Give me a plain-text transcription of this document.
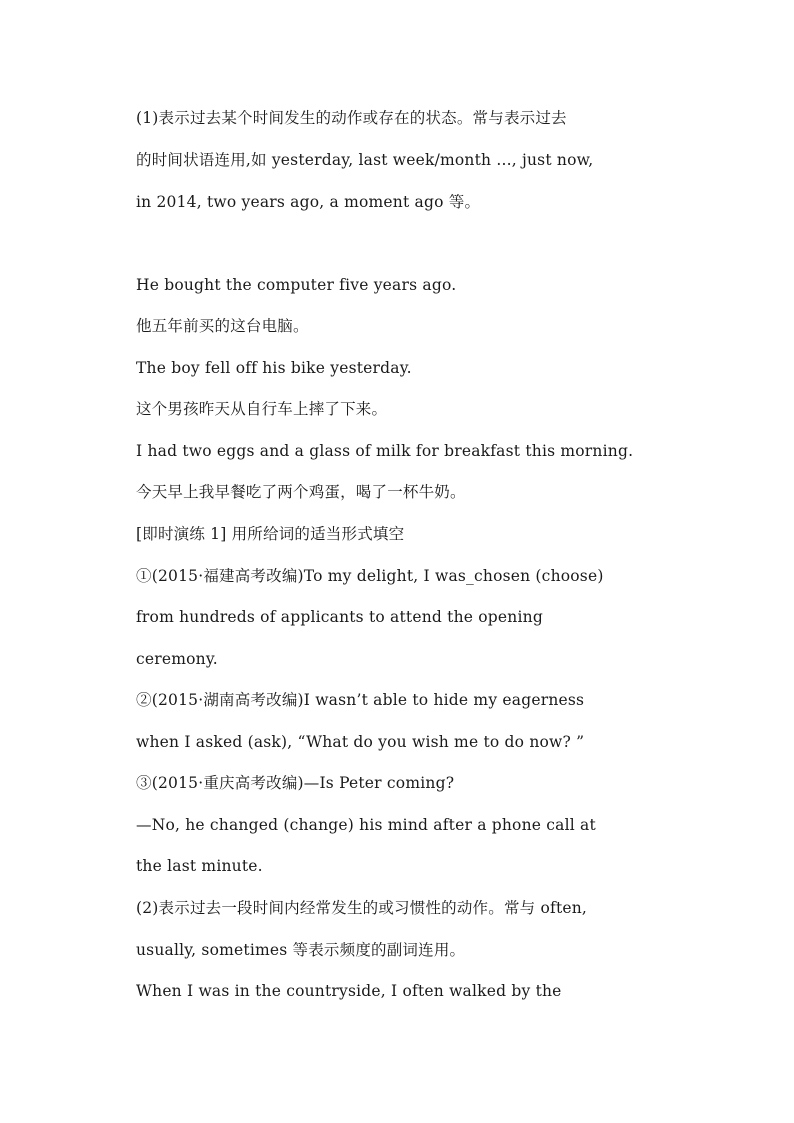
(1)表示过去某个时间发生的动作或存在的状态。常与表示过去
的时间状语连用,如 yesterday, last week/month ..., just now,
in 2014, two years ago, a moment ago 等。
He bought the computer five years ago.
他五年前买的这台电脑。
The boy fell off his bike yesterday.
这个男孩昨天从自行车上摔了下来。
I had two eggs and a glass of milk for breakfast this morning.
今天早上我早餐吃了两个鸡蛋，喝了一杯牛奶。
[即时演练 1] 用所给词的适当形式填空
①(2015·福建高考改编)To my delight, I was_chosen (choose)
from hundreds of applicants to attend the opening
ceremony.
②(2015·湖南高考改编)I wasn’t able to hide my eagerness
when I asked (ask), “What do you wish me to do now? ”
③(2015·重庆高考改编)—Is Peter coming?
—No, he changed (change) his mind after a phone call at
the last minute.
(2)表示过去一段时间内经常发生的或习惯性的动作。常与 often,
usually, sometimes 等表示频度的副词连用。
When I was in the countryside, I often walked by the
